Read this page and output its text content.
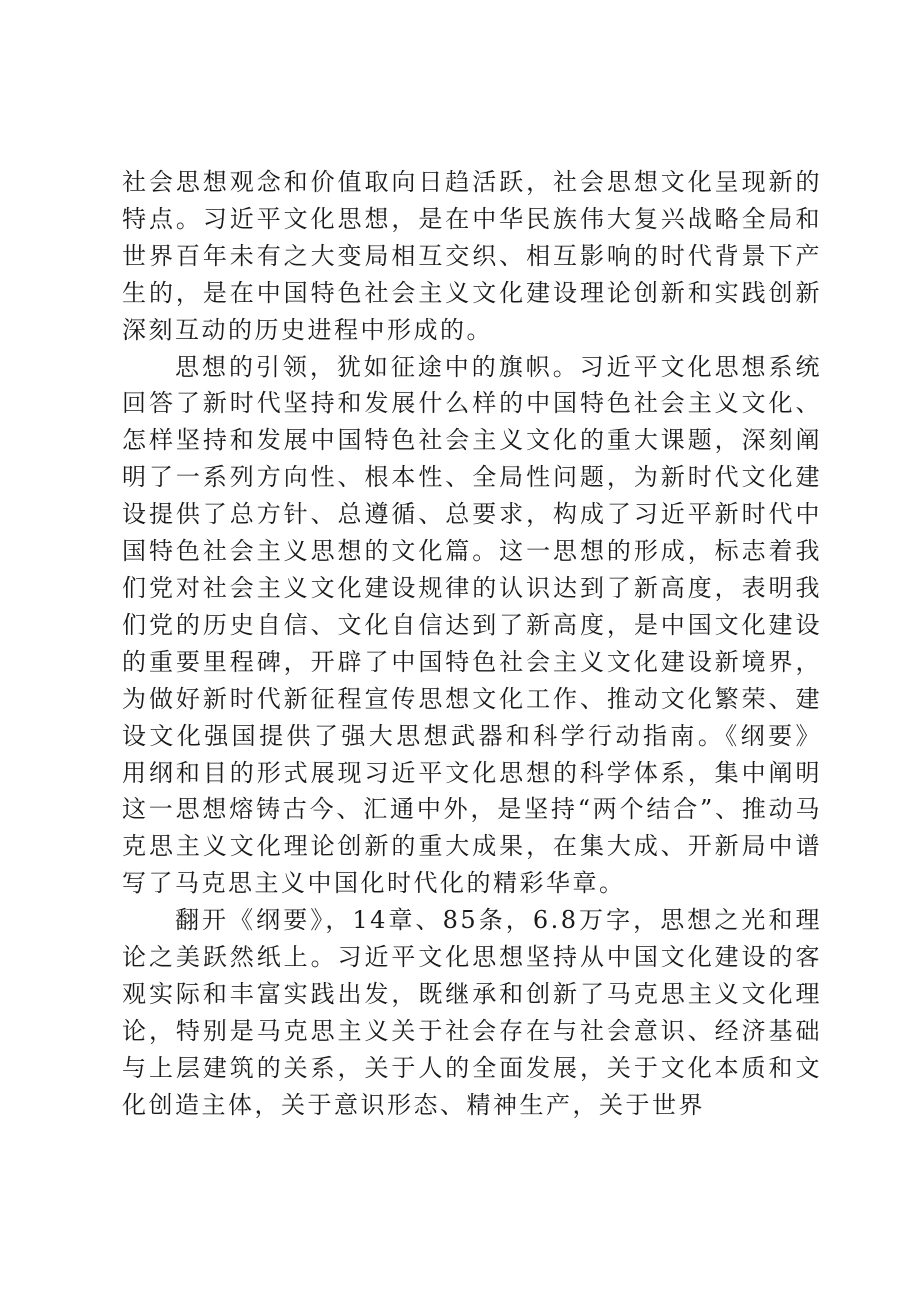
社会思想观念和价值取向日趋活跃，社会思想文化呈现新的特点。习近平文化思想，是在中华民族伟大复兴战略全局和世界百年未有之大变局相互交织、相互影响的时代背景下产生的，是在中国特色社会主义文化建设理论创新和实践创新深刻互动的历史进程中形成的。

思想的引领，犹如征途中的旗帜。习近平文化思想系统回答了新时代坚持和发展什么样的中国特色社会主义文化、怎样坚持和发展中国特色社会主义文化的重大课题，深刻阐明了一系列方向性、根本性、全局性问题，为新时代文化建设提供了总方针、总遵循、总要求，构成了习近平新时代中国特色社会主义思想的文化篇。这一思想的形成，标志着我们党对社会主义文化建设规律的认识达到了新高度，表明我们党的历史自信、文化自信达到了新高度，是中国文化建设的重要里程碑，开辟了中国特色社会主义文化建设新境界，为做好新时代新征程宣传思想文化工作、推动文化繁荣、建设文化强国提供了强大思想武器和科学行动指南。《纲要》用纲和目的形式展现习近平文化思想的科学体系，集中阐明这一思想熔铸古今、汇通中外，是坚持“两个结合”、推动马克思主义文化理论创新的重大成果，在集大成、开新局中谱写了马克思主义中国化时代化的精彩华章。

翻开《纲要》，14章、85条，6.8万字，思想之光和理论之美跃然纸上。习近平文化思想坚持从中国文化建设的客观实际和丰富实践出发，既继承和创新了马克思主义文化理论，特别是马克思主义关于社会存在与社会意识、经济基础与上层建筑的关系，关于人的全面发展，关于文化本质和文化创造主体，关于意识形态、精神生产，关于世界
